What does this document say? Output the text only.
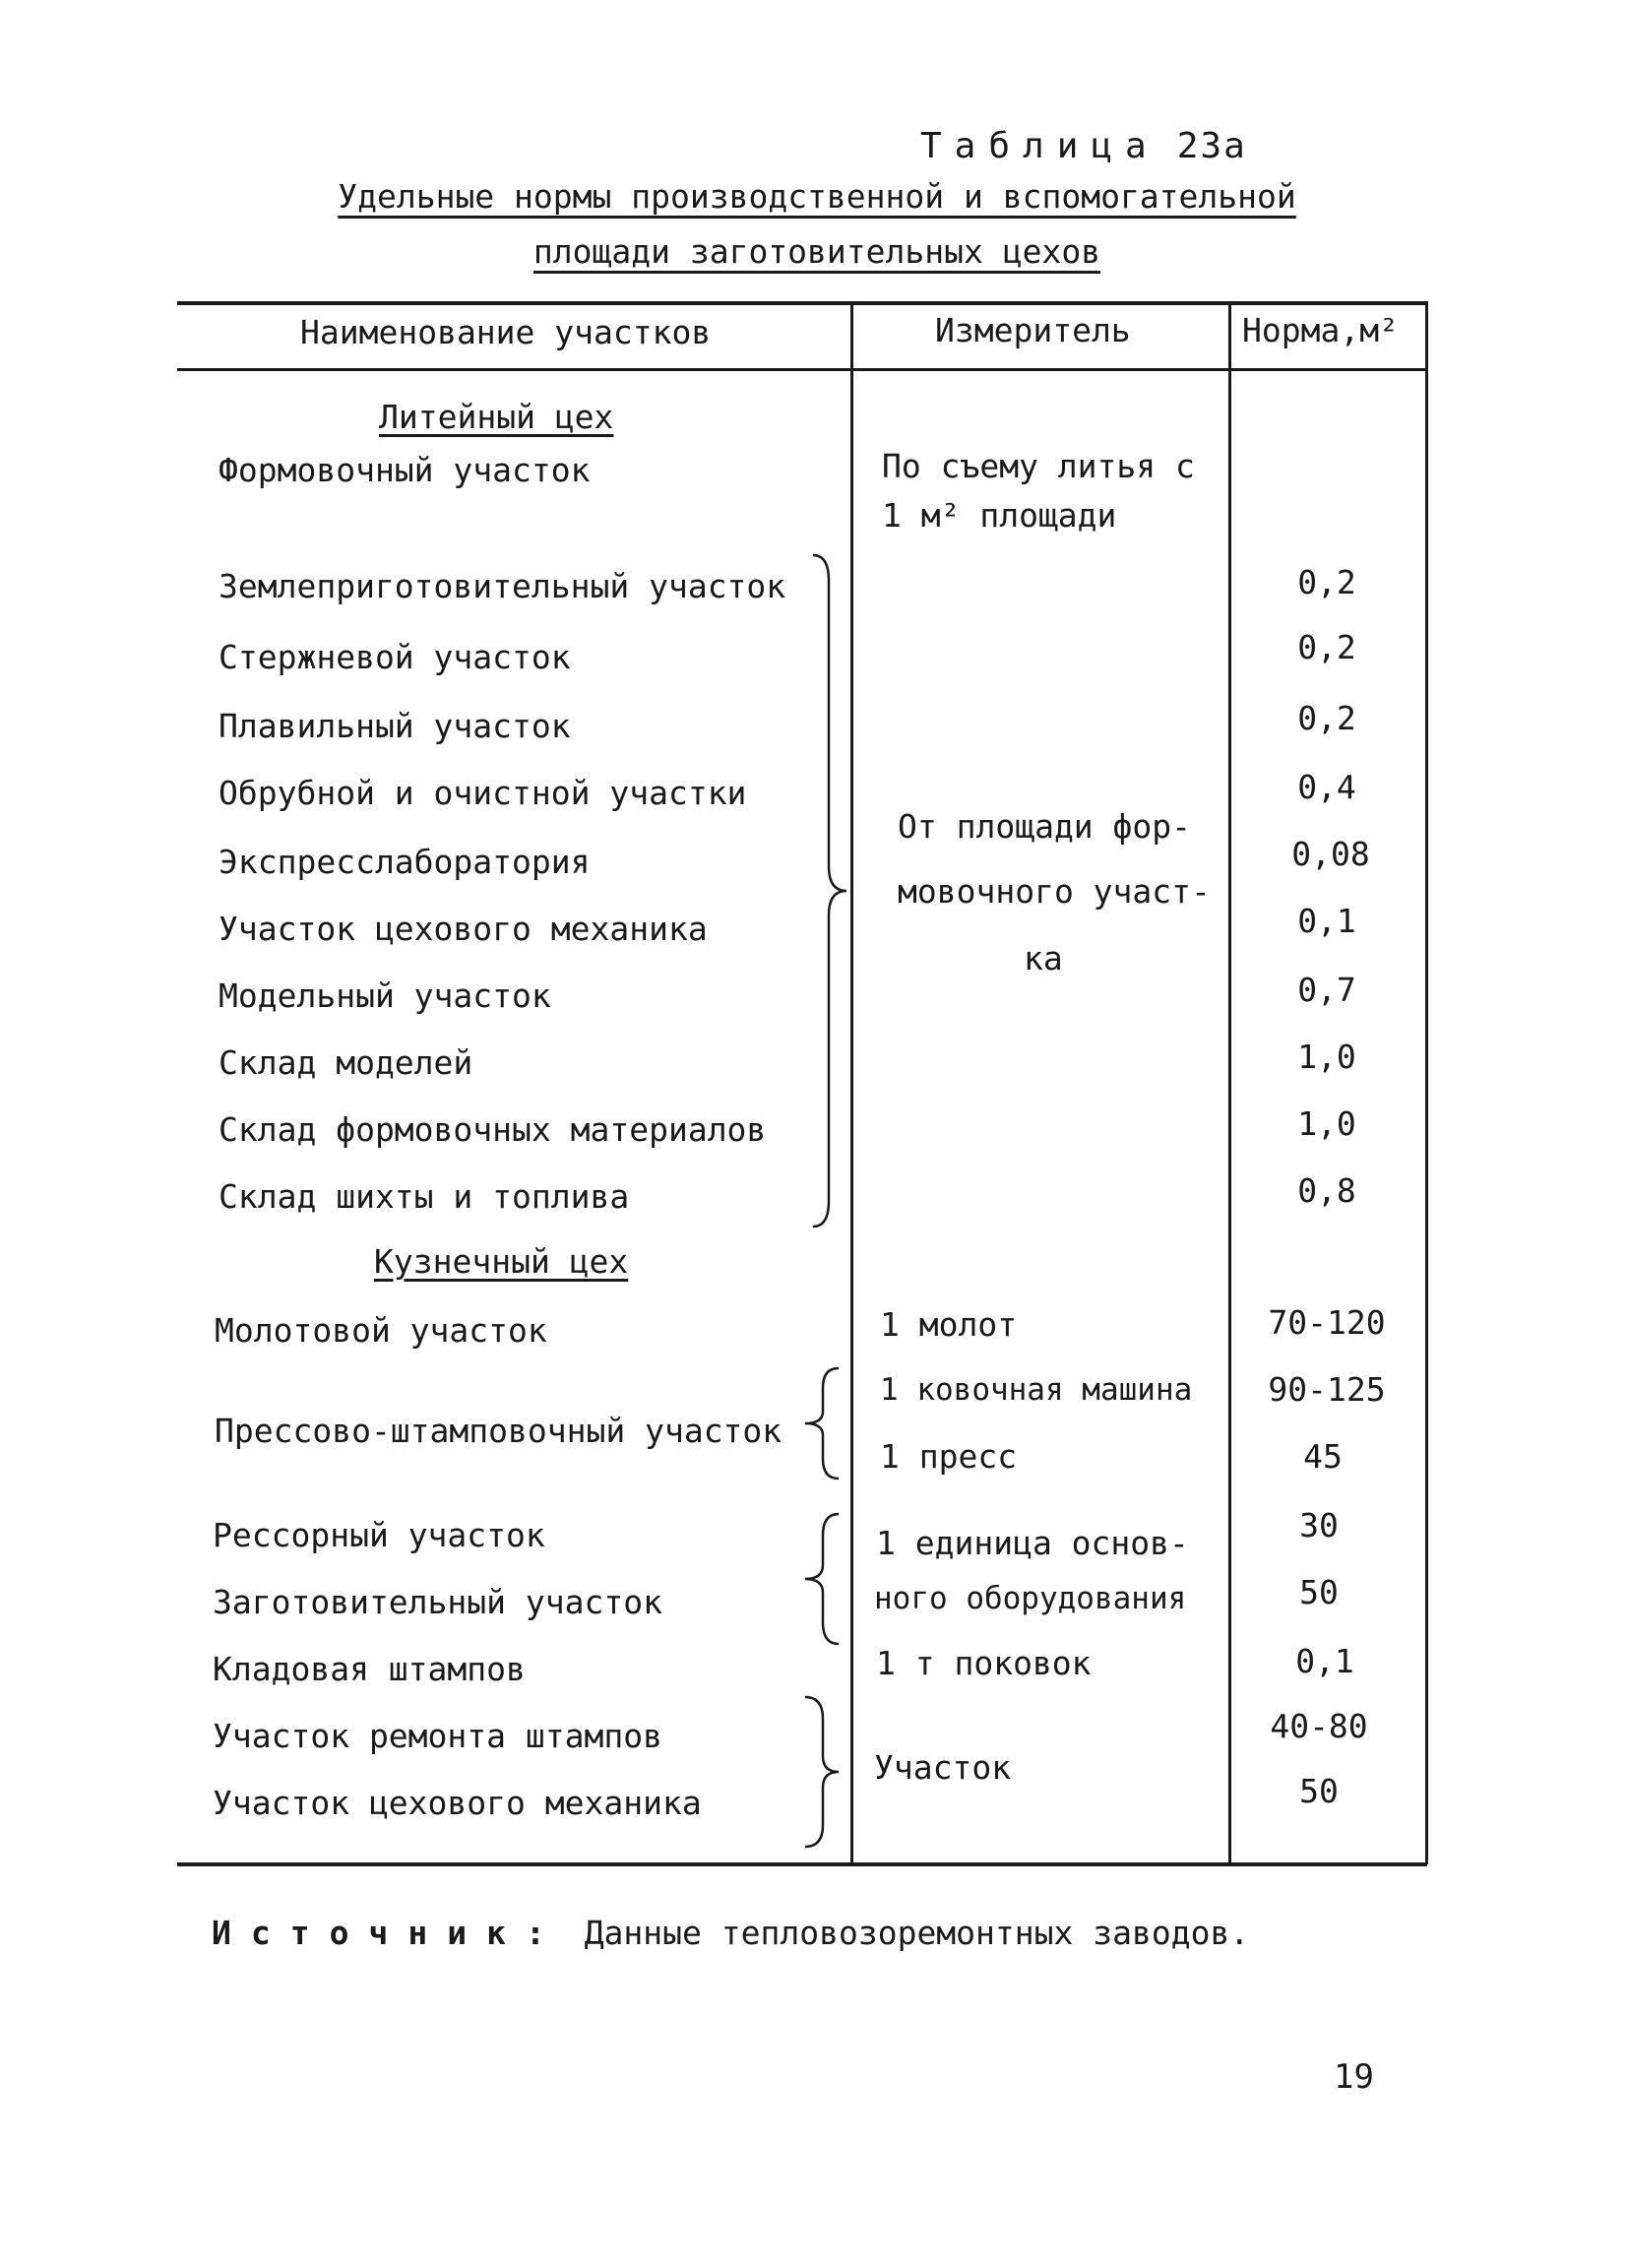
Таблица 23а
Удельные нормы производственной и вспомогательной
площади заготовительных цехов
Наименование участков	Измеритель	Норма,м²
Литейный цех
Кузнечный цех
Формовочный участок
Землеприготовительный участок
Стержневой участок
Плавильный участок
Обрубной и очистной участки
Экспресслаборатория
Участок цехового механика
Модельный участок
Склад моделей
Склад формовочных материалов
Склад шихты и топлива
Молотовой участок
Прессово-штамповочный участок
Рессорный участок
Заготовительный участок
Кладовая штампов
Участок ремонта штампов
Участок цехового механика
По съему литья с
1 м² площади
От площади фор-
мовочного участ-
ка
1 молот
1 ковочная машина
1 пресс
1 единица основ-
ного оборудования
1 т поковок
Участок
0,2
0,2
0,2
0,4
0,08
0,1
0,7
1,0
1,0
0,8
70-120
90-125
45
30
50
0,1
40-80
50
Источник: Данные тепловозоремонтных заводов.
19
